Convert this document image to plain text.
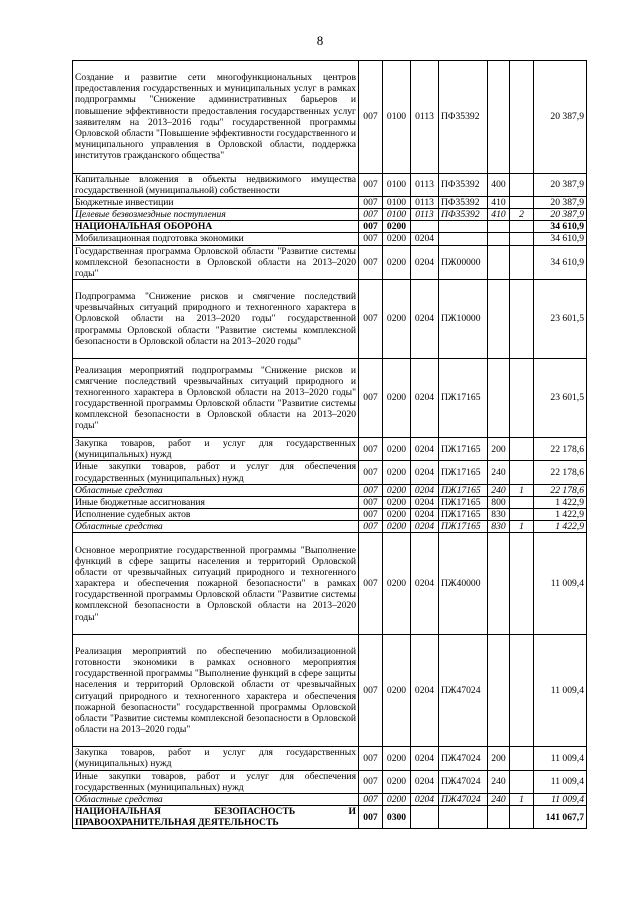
8
Создание и развитие сети многофункциональных центров предоставления государственных и муниципальных услуг в рамках подпрограммы "Снижение административных барьеров и повышение эффективности предоставления государственных услуг заявителям на 2013–2016 годы" государственной программы Орловской области "Повышение эффективности государственного и муниципального управления в Орловской области, поддержка институтов гражданского общества"	007	0100	0113	ПФ35392			20 387,9
Капитальные вложения в объекты недвижимого имущества государственной (муниципальной) собственности	007	0100	0113	ПФ35392	400		20 387,9
Бюджетные инвестиции	007	0100	0113	ПФ35392	410		20 387,9
Целевые безвозмездные поступления	007	0100	0113	ПФ35392	410	2	20 387,9
НАЦИОНАЛЬНАЯ ОБОРОНА	007	0200					34 610,9
Мобилизационная подготовка экономики	007	0200	0204				34 610,9
Государственная программа Орловской области "Развитие системы комплексной безопасности в Орловской области на 2013–2020 годы"	007	0200	0204	ПЖ00000			34 610,9
Подпрограмма "Снижение рисков и смягчение последствий чрезвычайных ситуаций природного и техногенного характера в Орловской области на 2013–2020 годы" государственной программы Орловской области "Развитие системы комплексной безопасности в Орловской области на 2013–2020 годы"	007	0200	0204	ПЖ10000			23 601,5
Реализация мероприятий подпрограммы "Снижение рисков и смягчение последствий чрезвычайных ситуаций природного и техногенного характера в Орловской области на 2013–2020 годы" государственной программы Орловской области "Развитие системы комплексной безопасности в Орловской области на 2013–2020 годы"	007	0200	0204	ПЖ17165			23 601,5
Закупка товаров, работ и услуг для государственных (муниципальных) нужд	007	0200	0204	ПЖ17165	200		22 178,6
Иные закупки товаров, работ и услуг для обеспечения государственных (муниципальных) нужд	007	0200	0204	ПЖ17165	240		22 178,6
Областные средства	007	0200	0204	ПЖ17165	240	1	22 178,6
Иные бюджетные ассигнования	007	0200	0204	ПЖ17165	800		1 422,9
Исполнение судебных актов	007	0200	0204	ПЖ17165	830		1 422,9
Областные средства	007	0200	0204	ПЖ17165	830	1	1 422,9
Основное мероприятие государственной программы "Выполнение функций в сфере защиты населения и территорий Орловской области от чрезвычайных ситуаций природного и техногенного характера и обеспечения пожарной безопасности" в рамках государственной программы Орловской области "Развитие системы комплексной безопасности в Орловской области на 2013–2020 годы"	007	0200	0204	ПЖ40000			11 009,4
Реализация мероприятий по обеспечению мобилизационной готовности экономики в рамках основного мероприятия государственной программы "Выполнение функций в сфере защиты населения и территорий Орловской области от чрезвычайных ситуаций природного и техногенного характера и обеспечения пожарной безопасности" государственной программы Орловской области "Развитие системы комплексной безопасности в Орловской области на 2013–2020 годы"	007	0200	0204	ПЖ47024			11 009,4
Закупка товаров, работ и услуг для государственных (муниципальных) нужд	007	0200	0204	ПЖ47024	200		11 009,4
Иные закупки товаров, работ и услуг для обеспечения государственных (муниципальных) нужд	007	0200	0204	ПЖ47024	240		11 009,4
Областные средства	007	0200	0204	ПЖ47024	240	1	11 009,4
НАЦИОНАЛЬНАЯ БЕЗОПАСНОСТЬ И ПРАВООХРАНИТЕЛЬНАЯ ДЕЯТЕЛЬНОСТЬ	007	0300					141 067,7
